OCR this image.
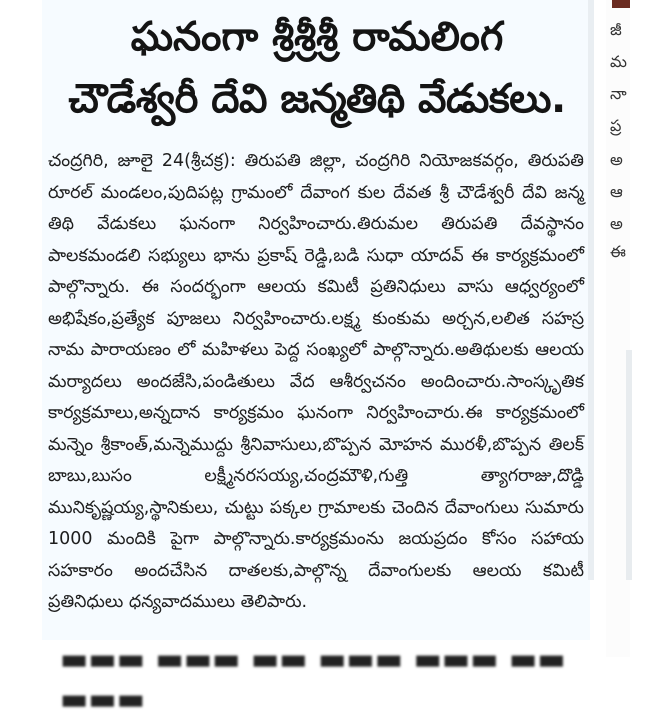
ఘనంగా శ్రీశ్రీశ్రీ రామలింగ
చౌడేశ్వరీ దేవి జన్మతిథి వేడుకలు.

చంద్రగిరి, జూలై 24(శ్రీచక్ర): తిరుపతి జిల్లా, చంద్రగిరి నియోజకవర్గం, తిరుపతి రూరల్ మండలం,పుదిపట్ల గ్రామంలో దేవాంగ కుల దేవత శ్రీ చౌడేశ్వరీ దేవి జన్మ తిథి వేడుకలు ఘనంగా నిర్వహించారు.తిరుమల తిరుపతి దేవస్థానం పాలకమండలి సభ్యులు భాను ప్రకాష్ రెడ్డి,బడి సుధా యాదవ్ ఈ కార్యక్రమంలో పాల్గొన్నారు. ఈ సందర్భంగా ఆలయ కమిటీ ప్రతినిధులు వాసు ఆధ్వర్యంలో అభిషేకం,ప్రత్యేక పూజలు నిర్వహించారు.లక్ష్మ కుంకుమ అర్చన,లలిత సహస్ర నామ పారాయణం లో మహిళలు పెద్ద సంఖ్యలో పాల్గొన్నారు.అతిథులకు ఆలయ మర్యాదలు అందజేసి,పండితులు వేద ఆశీర్వచనం అందించారు.సాంస్కృతిక కార్యక్రమాలు,అన్నదాన కార్యక్రమం ఘనంగా నిర్వహించారు.ఈ కార్యక్రమంలో మన్నెం శ్రీకాంత్,మన్నెముద్దు శ్రీనివాసులు,బొప్పన మోహన మురళీ,బొప్పన తిలక్ బాబు,బుసం లక్ష్మీనరసయ్య,చంద్రమౌళి,గుత్తి త్యాగరాజు,దొడ్డి మునికృష్ణయ్య,స్థానికులు, చుట్టు పక్కల గ్రామాలకు చెందిన దేవాంగులు సుమారు 1000 మందికి పైగా పాల్గొన్నారు.కార్యక్రమంను జయప్రదం కోసం సహాయ సహకారం అందచేసిన దాతలకు,పాల్గొన్న దేవాంగులకు ఆలయ కమిటీ ప్రతినిధులు ధన్యవాదములు తెలిపారు.

▬▬▬ ▬▬▬ ▬▬ ▬▬▬ ▬▬▬ ▬▬ ▬▬▬
జీ
మ
నా
ప్ర
అ
ఆ
అ
ఈ
